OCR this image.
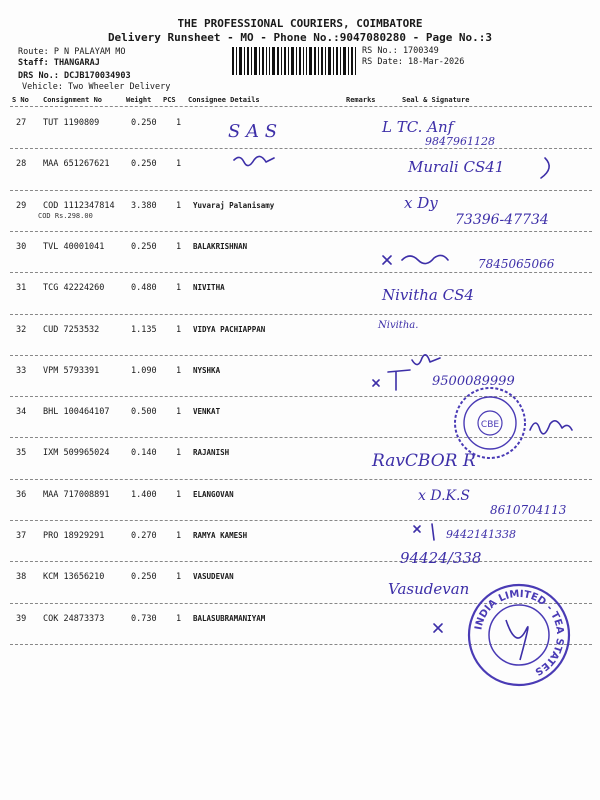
THE PROFESSIONAL COURIERS, COIMBATORE
Delivery Runsheet - MO - Phone No.:9047080280 - Page No.:3
Route: P N PALAYAM MO
Staff: THANGARAJ
DRS No.: DCJB170034903
Vehicle: Two Wheeler Delivery
RS No.: 1700349
RS Date: 18-Mar-2026
S No Consignment No	Weight PCS Consignee Details	Remarks	Seal & Signature
27 TUT 1190809	0.250 1
28 MAA 651267621	0.250 1
29 COD 1112347814 3.380 1 Yuvaraj Palanisamy
30 TVL 40001041	0.250 1 BALAKRISHNAN
31 TCG 42224260	0.480 1 NIVITHA
32 CUD 7253532	1.135 1 VIDYA PACHIAPPAN
33 VPM 5793391	1.090 1 NYSHKA
34 BHL 100464107	0.500 1 VENKAT
35 IXM 509965024	0.140 1 RAJANISH
36 MAA 717008891	1.400 1 ELANGOVAN
37 PRO 18929291	0.270 1 RAMYA KAMESH
38 KCM 13656210	0.250 1 VASUDEVAN
39 COK 24873373	0.730 1 BALASUBRAMANIYAM
COD Rs.298.00
S A S	L TC. Anf
9847961128
Murali CS41
x Dy
73396-47734
7845065066
Nivitha CS4
Nivitha.
9500089999
RavCBOR R
x D.K.S
8610704113
9442141338
94424/338
Vasudevan
CBE
INDIA LIMITED - TEA STATES
